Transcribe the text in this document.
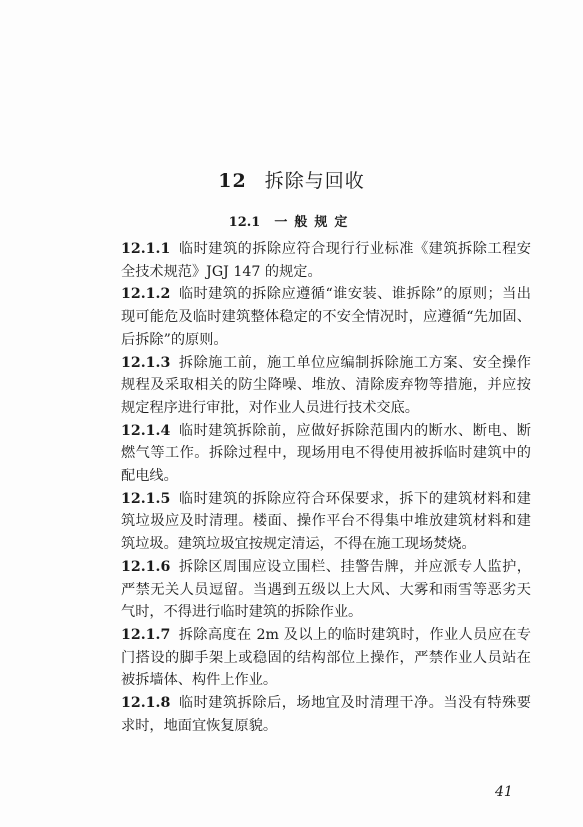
12 拆除与回收
12.1 一般规定

12.1.1 临时建筑的拆除应符合现行行业标准《建筑拆除工程安全技术规范》JGJ 147 的规定。

12.1.2 临时建筑的拆除应遵循“谁安装、谁拆除”的原则；当出现可能危及临时建筑整体稳定的不安全情况时，应遵循“先加固、后拆除”的原则。

12.1.3 拆除施工前，施工单位应编制拆除施工方案、安全操作规程及采取相关的防尘降噪、堆放、清除废弃物等措施，并应按规定程序进行审批，对作业人员进行技术交底。

12.1.4 临时建筑拆除前，应做好拆除范围内的断水、断电、断燃气等工作。拆除过程中，现场用电不得使用被拆临时建筑中的配电线。

12.1.5 临时建筑的拆除应符合环保要求，拆下的建筑材料和建筑垃圾应及时清理。楼面、操作平台不得集中堆放建筑材料和建筑垃圾。建筑垃圾宜按规定清运，不得在施工现场焚烧。

12.1.6 拆除区周围应设立围栏、挂警告牌，并应派专人监护，严禁无关人员逗留。当遇到五级以上大风、大雾和雨雪等恶劣天气时，不得进行临时建筑的拆除作业。

12.1.7 拆除高度在 2m 及以上的临时建筑时，作业人员应在专门搭设的脚手架上或稳固的结构部位上操作，严禁作业人员站在被拆墙体、构件上作业。

12.1.8 临时建筑拆除后，场地宜及时清理干净。当没有特殊要求时，地面宜恢复原貌。

41
